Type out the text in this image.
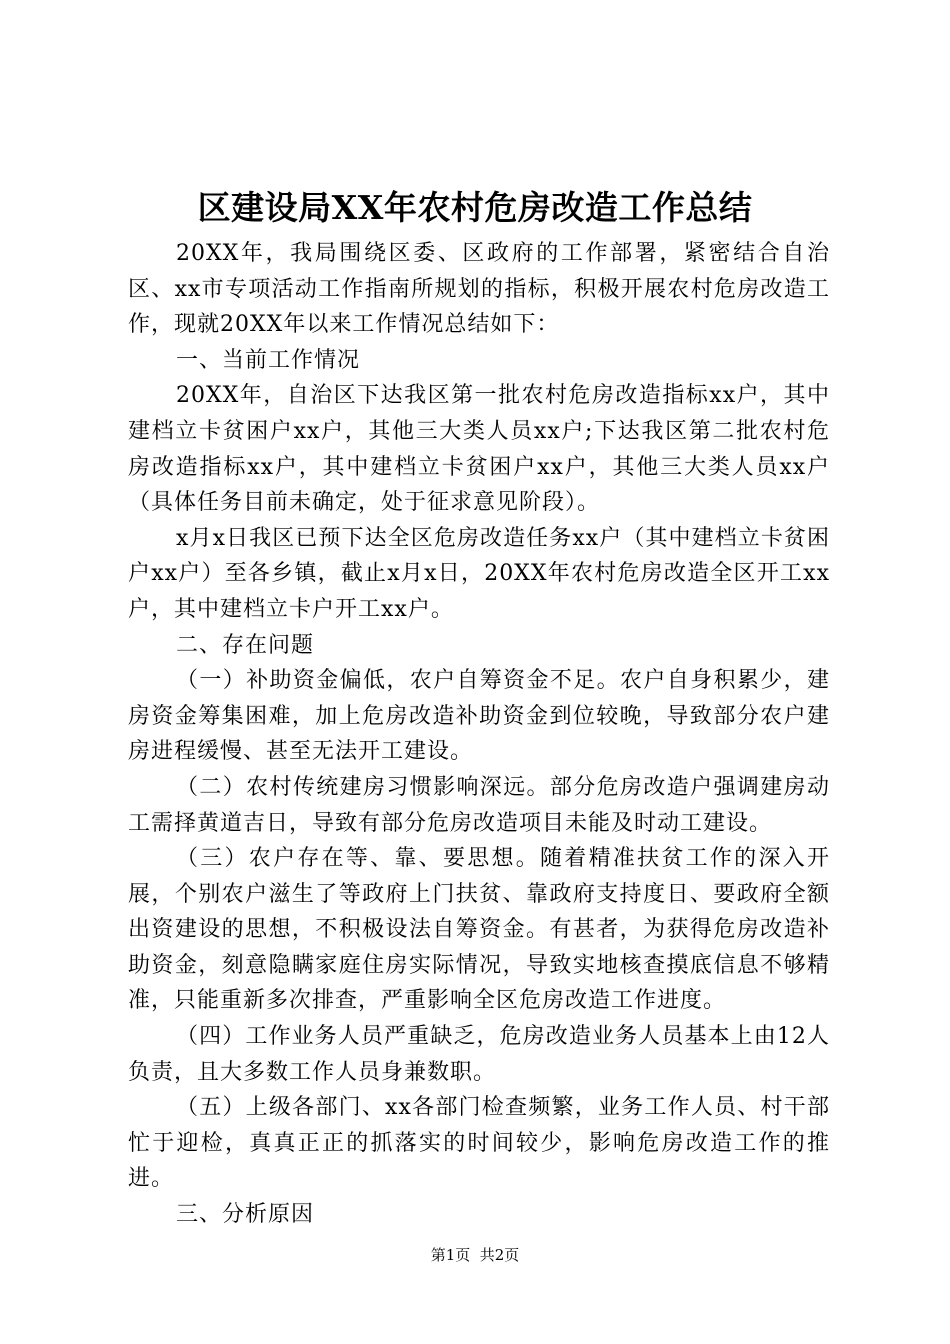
区建设局XX年农村危房改造工作总结

20XX年，我局围绕区委、区政府的工作部署，紧密结合自治区、xx市专项活动工作指南所规划的指标，积极开展农村危房改造工作，现就20XX年以来工作情况总结如下：

一、当前工作情况

20XX年，自治区下达我区第一批农村危房改造指标xx户，其中建档立卡贫困户xx户，其他三大类人员xx户;下达我区第二批农村危房改造指标xx户，其中建档立卡贫困户xx户，其他三大类人员xx户（具体任务目前未确定，处于征求意见阶段）。

x月x日我区已预下达全区危房改造任务xx户（其中建档立卡贫困户xx户）至各乡镇，截止x月x日，20XX年农村危房改造全区开工xx户，其中建档立卡户开工xx户。

二、存在问题

（一）补助资金偏低，农户自筹资金不足。农户自身积累少，建房资金筹集困难，加上危房改造补助资金到位较晚，导致部分农户建房进程缓慢、甚至无法开工建设。

（二）农村传统建房习惯影响深远。部分危房改造户强调建房动工需择黄道吉日，导致有部分危房改造项目未能及时动工建设。

（三）农户存在等、靠、要思想。随着精准扶贫工作的深入开展，个别农户滋生了等政府上门扶贫、靠政府支持度日、要政府全额出资建设的思想，不积极设法自筹资金。有甚者，为获得危房改造补助资金，刻意隐瞒家庭住房实际情况，导致实地核查摸底信息不够精准，只能重新多次排查，严重影响全区危房改造工作进度。

（四）工作业务人员严重缺乏，危房改造业务人员基本上由12人负责，且大多数工作人员身兼数职。

（五）上级各部门、xx各部门检查频繁，业务工作人员、村干部忙于迎检，真真正正的抓落实的时间较少，影响危房改造工作的推进。

三、分析原因

第1页  共2页
